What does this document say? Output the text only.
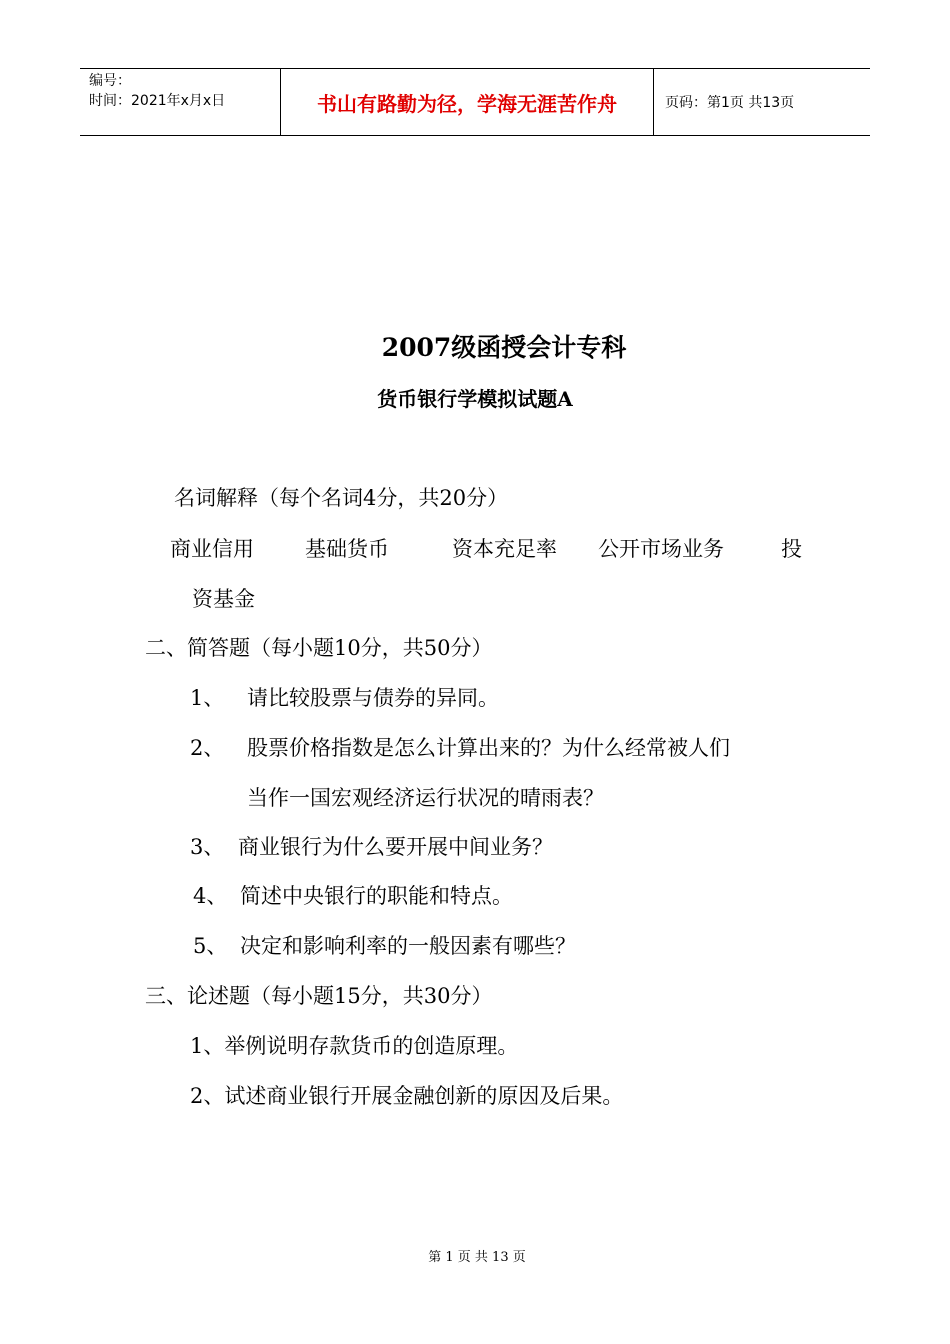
编号：
时间：2021年x月x日	书山有路勤为径，学海无涯苦作舟	页码：第1页 共13页
2007级函授会计专科
货币银行学模拟试题A
名词解释（每个名词4分，共20分）
商业信用 基础货币	资本充足率 公开市场业务	投
资基金
二、简答题（每小题10分，共50分）
1、 请比较股票与债券的异同。
2、 股票价格指数是怎么计算出来的？为什么经常被人们
当作一国宏观经济运行状况的晴雨表？
3、 商业银行为什么要开展中间业务？
4、 简述中央银行的职能和特点。
5、 决定和影响利率的一般因素有哪些？
三、论述题（每小题15分，共30分）
1、举例说明存款货币的创造原理。
2、试述商业银行开展金融创新的原因及后果。
第 1 页 共 13 页
